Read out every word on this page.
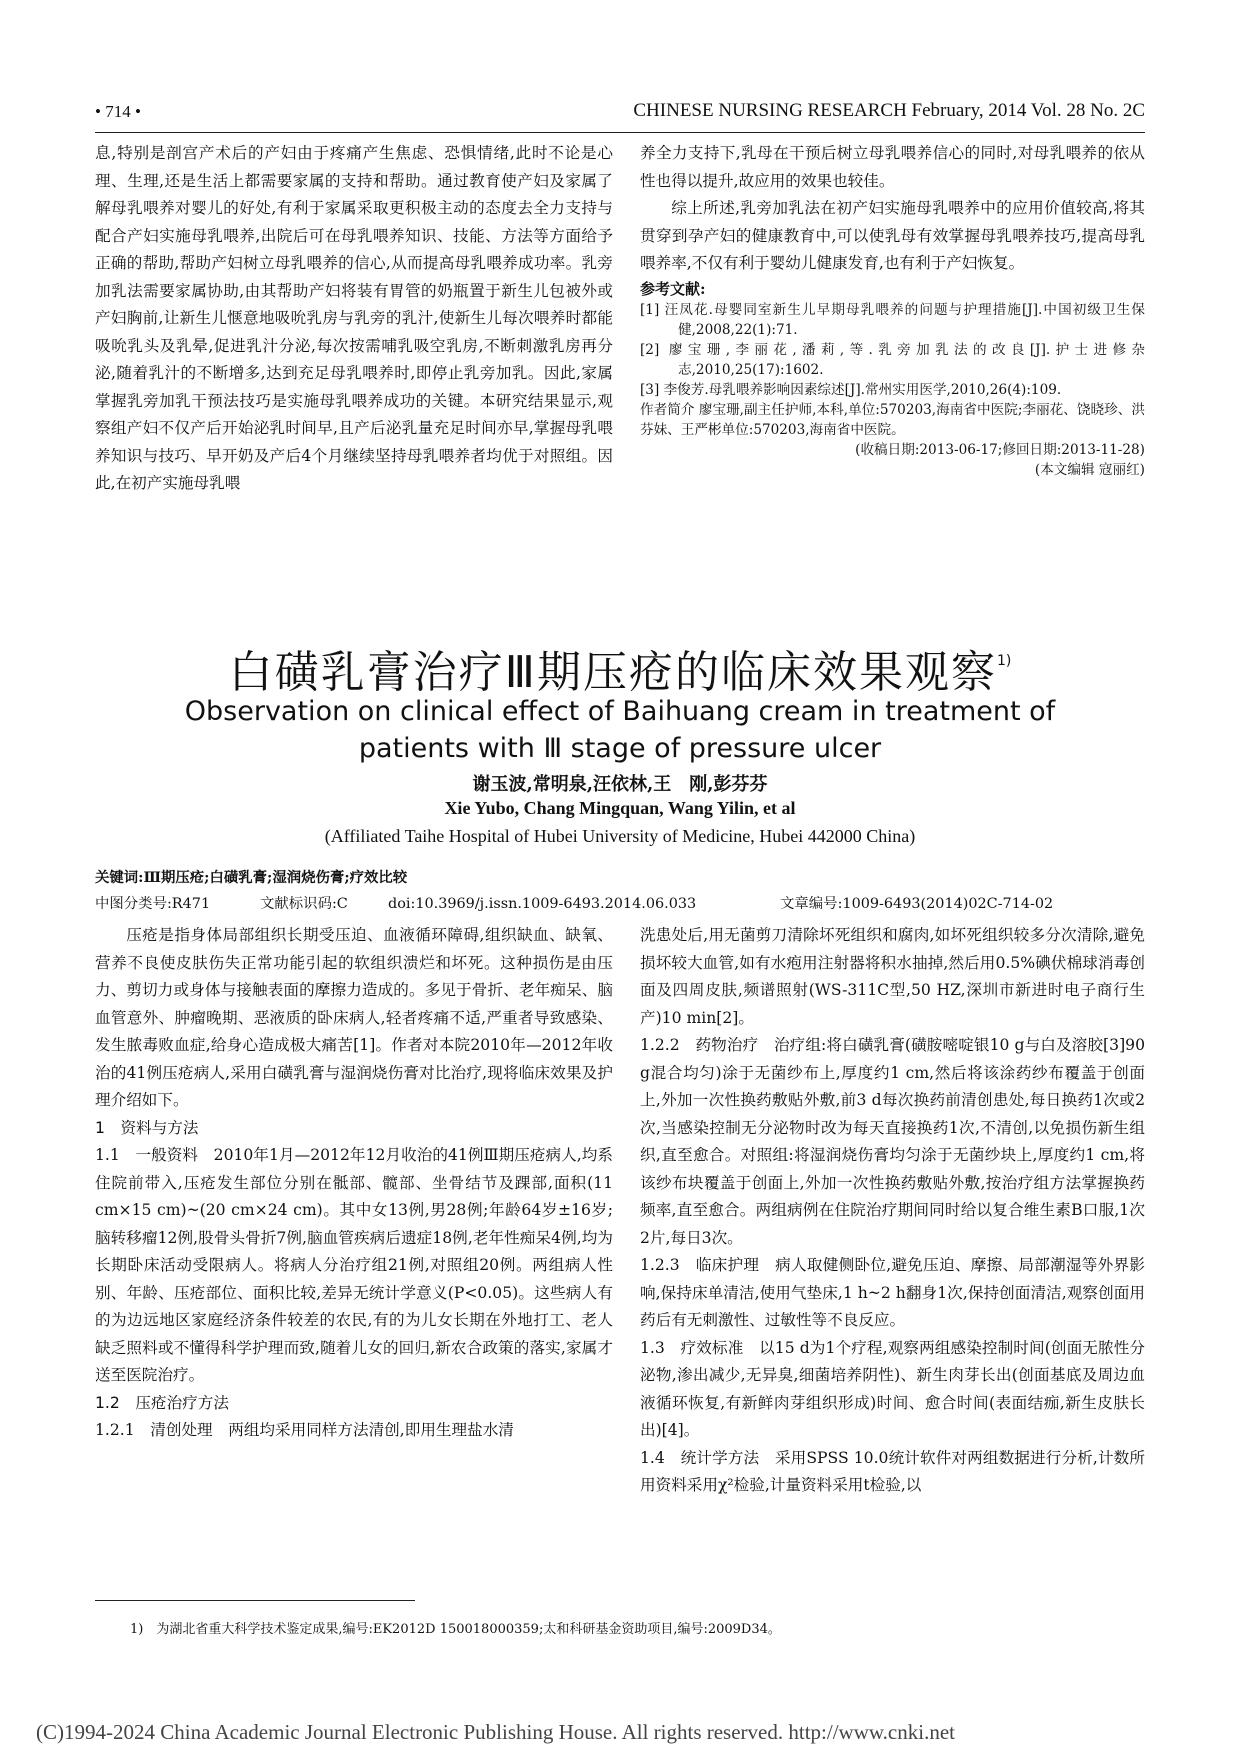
• 714 •	CHINESE NURSING RESEARCH February, 2014 Vol. 28 No. 2C

息,特别是剖宫产术后的产妇由于疼痛产生焦虑、恐惧情绪,此时不论是心理、生理,还是生活上都需要家属的支持和帮助。通过教育使产妇及家属了解母乳喂养对婴儿的好处,有利于家属采取更积极主动的态度去全力支持与配合产妇实施母乳喂养,出院后可在母乳喂养知识、技能、方法等方面给予正确的帮助,帮助产妇树立母乳喂养的信心,从而提高母乳喂养成功率。乳旁加乳法需要家属协助,由其帮助产妇将装有胃管的奶瓶置于新生儿包被外或产妇胸前,让新生儿惬意地吸吮乳房与乳旁的乳汁,使新生儿每次喂养时都能吸吮乳头及乳晕,促进乳汁分泌,每次按需哺乳吸空乳房,不断刺激乳房再分泌,随着乳汁的不断增多,达到充足母乳喂养时,即停止乳旁加乳。因此,家属掌握乳旁加乳干预法技巧是实施母乳喂养成功的关键。本研究结果显示,观察组产妇不仅产后开始泌乳时间早,且产后泌乳量充足时间亦早,掌握母乳喂养知识与技巧、早开奶及产后4个月继续坚持母乳喂养者均优于对照组。因此,在初产实施母乳喂

养全力支持下,乳母在干预后树立母乳喂养信心的同时,对母乳喂养的依从性也得以提升,故应用的效果也较佳。

综上所述,乳旁加乳法在初产妇实施母乳喂养中的应用价值较高,将其贯穿到孕产妇的健康教育中,可以使乳母有效掌握母乳喂养技巧,提高母乳喂养率,不仅有利于婴幼儿健康发育,也有利于产妇恢复。

参考文献:

[1] 汪凤花.母婴同室新生儿早期母乳喂养的问题与护理措施[J].中国初级卫生保健,2008,22(1):71.

[2] 廖宝珊,李丽花,潘莉,等.乳旁加乳法的改良[J].护士进修杂志,2010,25(17):1602.

[3] 李俊芳.母乳喂养影响因素综述[J].常州实用医学,2010,26(4):109.

作者简介 廖宝珊,副主任护师,本科,单位:570203,海南省中医院;李丽花、饶晓珍、洪芬妹、王严彬单位:570203,海南省中医院。

(收稿日期:2013-06-17;修回日期:2013-11-28)

(本文编辑 寇丽红)

白磺乳膏治疗Ⅲ期压疮的临床效果观察$^{1)}$
Observation on clinical effect of Baihuang cream in treatment of
patients with Ⅲ stage of pressure ulcer
谢玉波,常明泉,汪依林,王　刚,彭芬芬
Xie Yubo, Chang Mingquan, Wang Yilin, et al
(Affiliated Taihe Hospital of Hubei University of Medicine, Hubei 442000 China)
关键词:Ⅲ期压疮;白磺乳膏;湿润烧伤膏;疗效比较
中图分类号:R471	文献标识码:C	doi:10.3969/j.issn.1009-6493.2014.06.033	文章编号:1009-6493(2014)02C-714-02

压疮是指身体局部组织长期受压迫、血液循环障碍,组织缺血、缺氧、营养不良使皮肤伤失正常功能引起的软组织溃烂和坏死。这种损伤是由压力、剪切力或身体与接触表面的摩擦力造成的。多见于骨折、老年痴呆、脑血管意外、肿瘤晚期、恶液质的卧床病人,轻者疼痛不适,严重者导致感染、发生脓毒败血症,给身心造成极大痛苦[1]。作者对本院2010年—2012年收治的41例压疮病人,采用白磺乳膏与湿润烧伤膏对比治疗,现将临床效果及护理介绍如下。

1　资料与方法

1.1　一般资料　2010年1月—2012年12月收治的41例Ⅲ期压疮病人,均系住院前带入,压疮发生部位分别在骶部、髋部、坐骨结节及踝部,面积(11 cm×15 cm)~(20 cm×24 cm)。其中女13例,男28例;年龄64岁±16岁;脑转移瘤12例,股骨头骨折7例,脑血管疾病后遗症18例,老年性痴呆4例,均为长期卧床活动受限病人。将病人分治疗组21例,对照组20例。两组病人性别、年龄、压疮部位、面积比较,差异无统计学意义(P<0.05)。这些病人有的为边远地区家庭经济条件较差的农民,有的为儿女长期在外地打工、老人缺乏照料或不懂得科学护理而致,随着儿女的回归,新农合政策的落实,家属才送至医院治疗。

1.2　压疮治疗方法

1.2.1　清创处理　两组均采用同样方法清创,即用生理盐水清

洗患处后,用无菌剪刀清除坏死组织和腐肉,如坏死组织较多分次清除,避免损坏较大血管,如有水疱用注射器将积水抽掉,然后用0.5%碘伏棉球消毒创面及四周皮肤,频谱照射(WS-311C型,50 HZ,深圳市新进时电子商行生产)10 min[2]。

1.2.2　药物治疗　治疗组:将白磺乳膏(磺胺嘧啶银10 g与白及溶胶[3]90 g混合均匀)涂于无菌纱布上,厚度约1 cm,然后将该涂药纱布覆盖于创面上,外加一次性换药敷贴外敷,前3 d每次换药前清创患处,每日换药1次或2次,当感染控制无分泌物时改为每天直接换药1次,不清创,以免损伤新生组织,直至愈合。对照组:将湿润烧伤膏均匀涂于无菌纱块上,厚度约1 cm,将该纱布块覆盖于创面上,外加一次性换药敷贴外敷,按治疗组方法掌握换药频率,直至愈合。两组病例在住院治疗期间同时给以复合维生素B口服,1次2片,每日3次。

1.2.3　临床护理　病人取健侧卧位,避免压迫、摩擦、局部潮湿等外界影响,保持床单清洁,使用气垫床,1 h~2 h翻身1次,保持创面清洁,观察创面用药后有无刺激性、过敏性等不良反应。

1.3　疗效标准　以15 d为1个疗程,观察两组感染控制时间(创面无脓性分泌物,渗出减少,无异臭,细菌培养阴性)、新生肉芽长出(创面基底及周边血液循环恢复,有新鲜肉芽组织形成)时间、愈合时间(表面结痂,新生皮肤长出)[4]。

1.4　统计学方法　采用SPSS 10.0统计软件对两组数据进行分析,计数所用资料采用χ²检验,计量资料采用t检验,以

1)　为湖北省重大科学技术鉴定成果,编号:EK2012D 150018000359;太和科研基金资助项目,编号:2009D34。
(C)1994-2024 China Academic Journal Electronic Publishing House. All rights reserved. http://www.cnki.net
